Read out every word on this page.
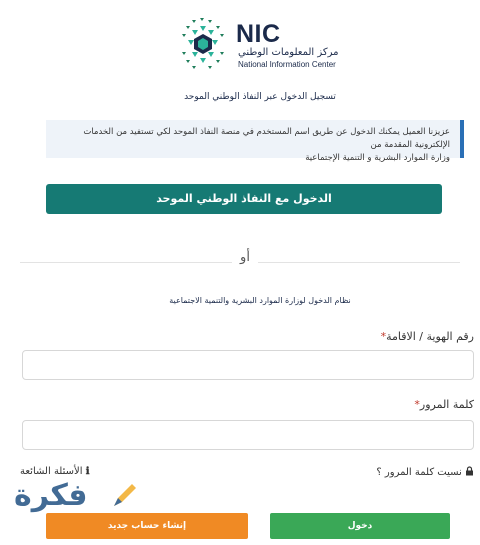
NIC
مركز المعلومات الوطني
National Information Center
تسجيل الدخول عبر النفاذ الوطني الموحد
عزيزنا العميل يمكنك الدخول عن طريق اسم المستخدم في منصة النفاذ الموحد لكي تستفيد من الخدمات الإلكترونية المقدمة من
وزارة الموارد البشرية و التنمية الإجتماعية
الدخول مع النفاذ الوطني الموحد
أو
نظام الدخول لوزارة الموارد البشرية والتنمية الاجتماعية
رقم الهوية / الاقامة*
كلمة المرور*
نسيت كلمة المرور ؟
ℹ الأسئلة الشائعة
فكرة
إنشاء حساب جديد	دخول
